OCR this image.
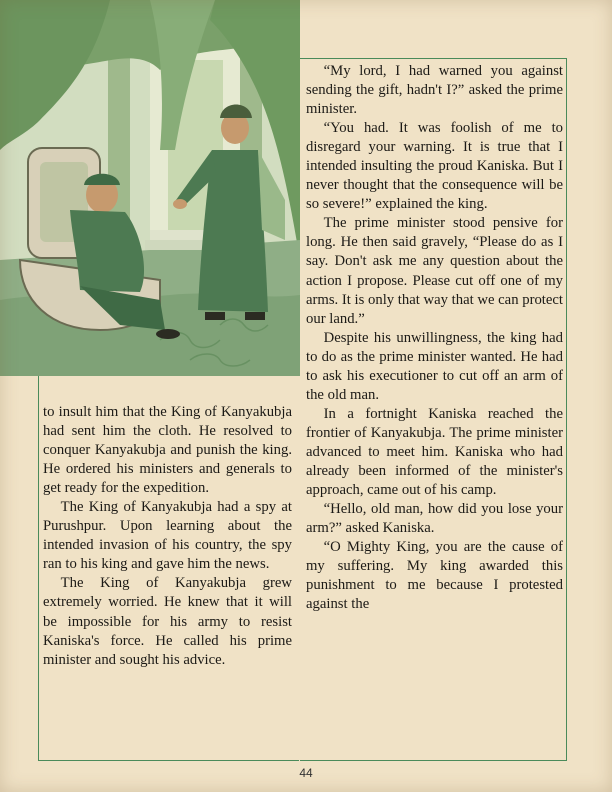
to insult him that the King of Kanyakubja had sent him the cloth. He resolved to conquer Kanyakubja and punish the king. He ordered his ministers and generals to get ready for the expedition.

The King of Kanyakubja had a spy at Purushpur. Upon learning about the intended invasion of his country, the spy ran to his king and gave him the news.

The King of Kanyakubja grew extremely worried. He knew that it will be impossible for his army to resist Kaniska's force. He called his prime minister and sought his advice.

“My lord, I had warned you against sending the gift, hadn't I?” asked the prime minister.

“You had. It was foolish of me to disregard your warning. It is true that I intended insulting the proud Kaniska. But I never thought that the consequence will be so severe!” explained the king.

The prime minister stood pensive for long. He then said gravely, “Please do as I say. Don't ask me any question about the action I propose. Please cut off one of my arms. It is only that way that we can protect our land.”

Despite his unwillingness, the king had to do as the prime minister wanted. He had to ask his executioner to cut off an arm of the old man.

In a fortnight Kaniska reached the frontier of Kanyakubja. The prime minister advanced to meet him. Kaniska who had already been informed of the minister's approach, came out of his camp.

“Hello, old man, how did you lose your arm?” asked Kaniska.

“O Mighty King, you are the cause of my suffering. My king awarded this punishment to me because I protested against the

44
